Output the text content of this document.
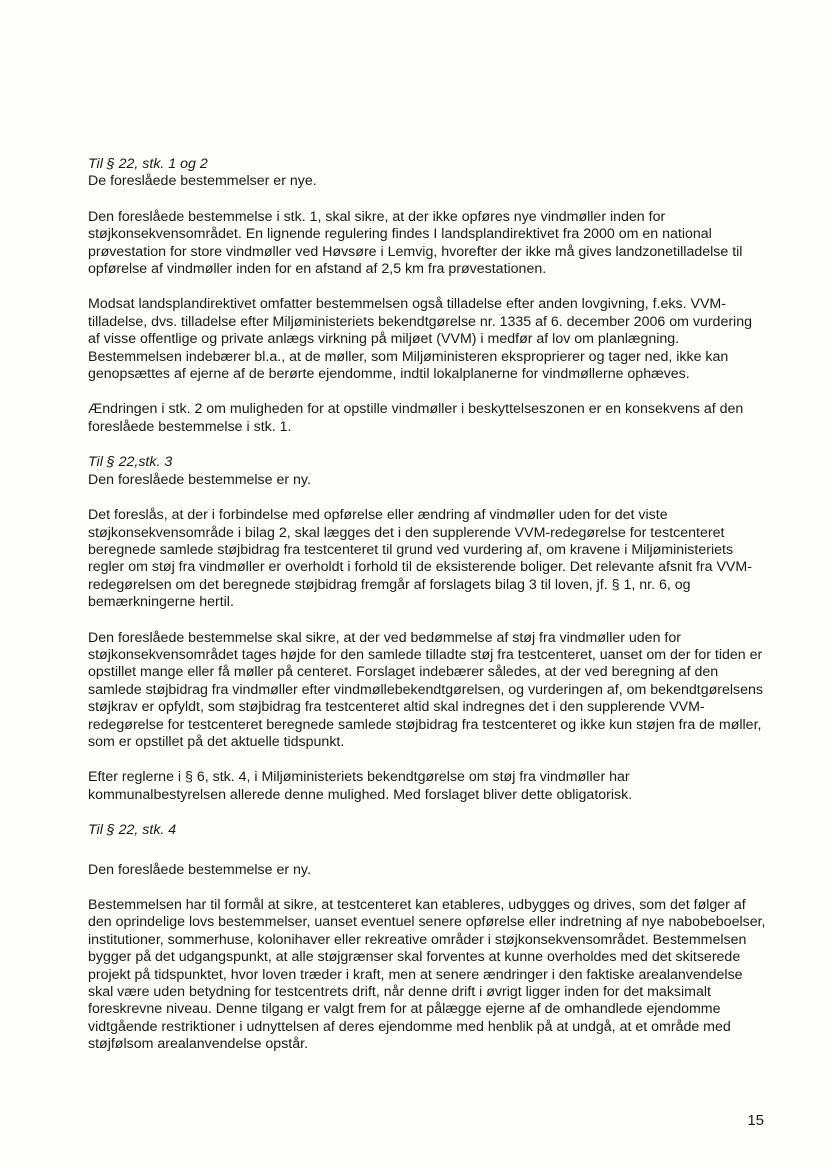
Til § 22, stk. 1 og 2
De foreslåede bestemmelser er nye.

Den foreslåede bestemmelse i stk. 1, skal sikre, at der ikke opføres nye vindmøller inden for støjkonsekvensområdet. En lignende regulering findes I landsplandirektivet fra 2000 om en national prøvestation for store vindmøller ved Høvsøre i Lemvig, hvorefter der ikke må gives landzonetilladelse til opførelse af vindmøller inden for en afstand af 2,5 km fra prøvestationen.

Modsat landsplandirektivet omfatter bestemmelsen også tilladelse efter anden lovgivning, f.eks. VVM-tilladelse, dvs. tilladelse efter Miljøministeriets bekendtgørelse nr. 1335 af 6. december 2006 om vurdering af visse offentlige og private anlægs virkning på miljøet (VVM) i medfør af lov om planlægning. Bestemmelsen indebærer bl.a., at de møller, som Miljøministeren eksproprierer og tager ned, ikke kan genopsættes af ejerne af de berørte ejendomme, indtil lokalplanerne for vindmøllerne ophæves.

Ændringen i stk. 2 om muligheden for at opstille vindmøller i beskyttelseszonen er en konsekvens af den foreslåede bestemmelse i stk. 1.

Til § 22,stk. 3
Den foreslåede bestemmelse er ny.

Det foreslås, at der i forbindelse med opførelse eller ændring af vindmøller uden for det viste støjkonsekvensområde i bilag 2, skal lægges det i den supplerende VVM-redegørelse for testcenteret beregnede samlede støjbidrag fra testcenteret til grund ved vurdering af, om kravene i Miljøministeriets regler om støj fra vindmøller er overholdt i forhold til de eksisterende boliger. Det relevante afsnit fra VVM-redegørelsen om det beregnede støjbidrag fremgår af forslagets bilag 3 til loven, jf. § 1, nr. 6, og bemærkningerne hertil.

Den foreslåede bestemmelse skal sikre, at der ved bedømmelse af støj fra vindmøller uden for støjkonsekvensområdet tages højde for den samlede tilladte støj fra testcenteret, uanset om der for tiden er opstillet mange eller få møller på centeret. Forslaget indebærer således, at der ved beregning af den samlede støjbidrag fra vindmøller efter vindmøllebekendtgørelsen, og vurderingen af, om bekendtgørelsens støjkrav er opfyldt, som støjbidrag fra testcenteret altid skal indregnes det i den supplerende VVM-redegørelse for testcenteret beregnede samlede støjbidrag fra testcenteret og ikke kun støjen fra de møller, som er opstillet på det aktuelle tidspunkt.

Efter reglerne i § 6, stk. 4, i Miljøministeriets bekendtgørelse om støj fra vindmøller har kommunalbestyrelsen allerede denne mulighed. Med forslaget bliver dette obligatorisk.

Til § 22, stk. 4
Den foreslåede bestemmelse er ny.

Bestemmelsen har til formål at sikre, at testcenteret kan etableres, udbygges og drives, som det følger af den oprindelige lovs bestemmelser, uanset eventuel senere opførelse eller indretning af nye nabobeboelser, institutioner, sommerhuse, kolonihaver eller rekreative områder i støjkonsekvensområdet. Bestemmelsen bygger på det udgangspunkt, at alle støjgrænser skal forventes at kunne overholdes med det skitserede projekt på tidspunktet, hvor loven træder i kraft, men at senere ændringer i den faktiske arealanvendelse skal være uden betydning for testcentrets drift, når denne drift i øvrigt ligger inden for det maksimalt foreskrevne niveau. Denne tilgang er valgt frem for at pålægge ejerne af de omhandlede ejendomme vidtgående restriktioner i udnyttelsen af deres ejendomme med henblik på at undgå, at et område med støjfølsom arealanvendelse opstår.

15
